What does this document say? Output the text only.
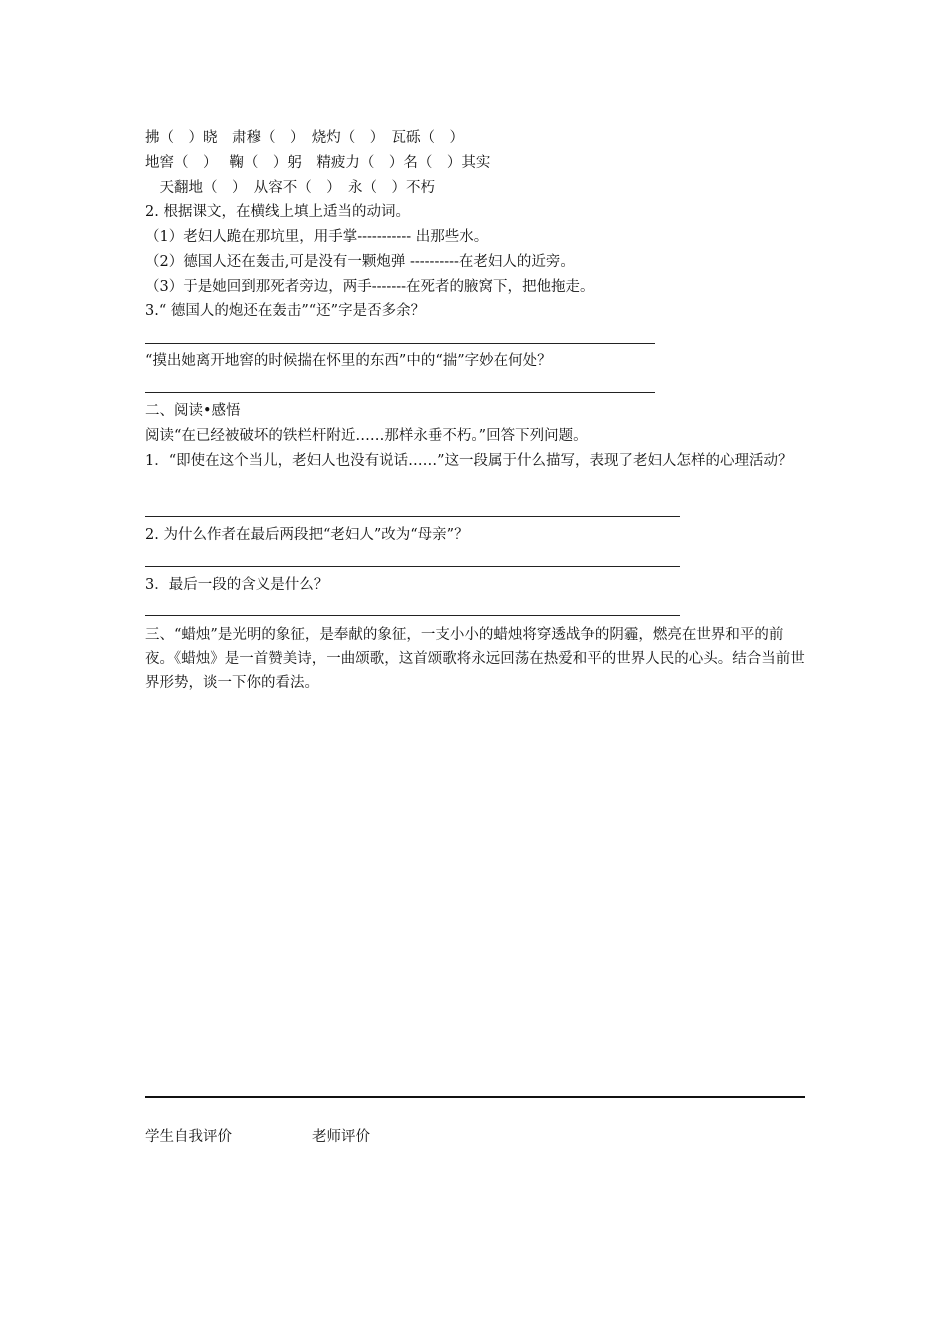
拂（　）晓　肃穆（　）　烧灼（　）　瓦砾（　）
地窖（　）　 鞠（　）躬　精疲力（　）名（　）其实
　天翻地（　）　从容不（　）　永（　）不朽
2. 根据课文，在横线上填上适当的动词。
（1）老妇人跪在那坑里，用手掌----------- 出那些水。
（2）德国人还在轰击,可是没有一颗炮弹 ----------在老妇人的近旁。
（3）于是她回到那死者旁边，两手-------在死者的腋窝下，把他拖走。
3.“ 德国人的炮还在轰击”“还”字是否多余？
“摸出她离开地窖的时候揣在怀里的东西”中的“揣”字妙在何处？
二、阅读•感悟
阅读“在已经被破坏的铁栏杆附近……那样永垂不朽。”回答下列问题。
1．“即使在这个当儿，老妇人也没有说话……”这一段属于什么描写，表现了老妇人怎样的心理活动？
2. 为什么作者在最后两段把“老妇人”改为“母亲”？
3．最后一段的含义是什么？
三、“蜡烛”是光明的象征，是奉献的象征，一支小小的蜡烛将穿透战争的阴霾，燃亮在世界和平的前夜。《蜡烛》是一首赞美诗，一曲颂歌，这首颂歌将永远回荡在热爱和平的世界人民的心头。结合当前世界形势，谈一下你的看法。
学生自我评价	老师评价
